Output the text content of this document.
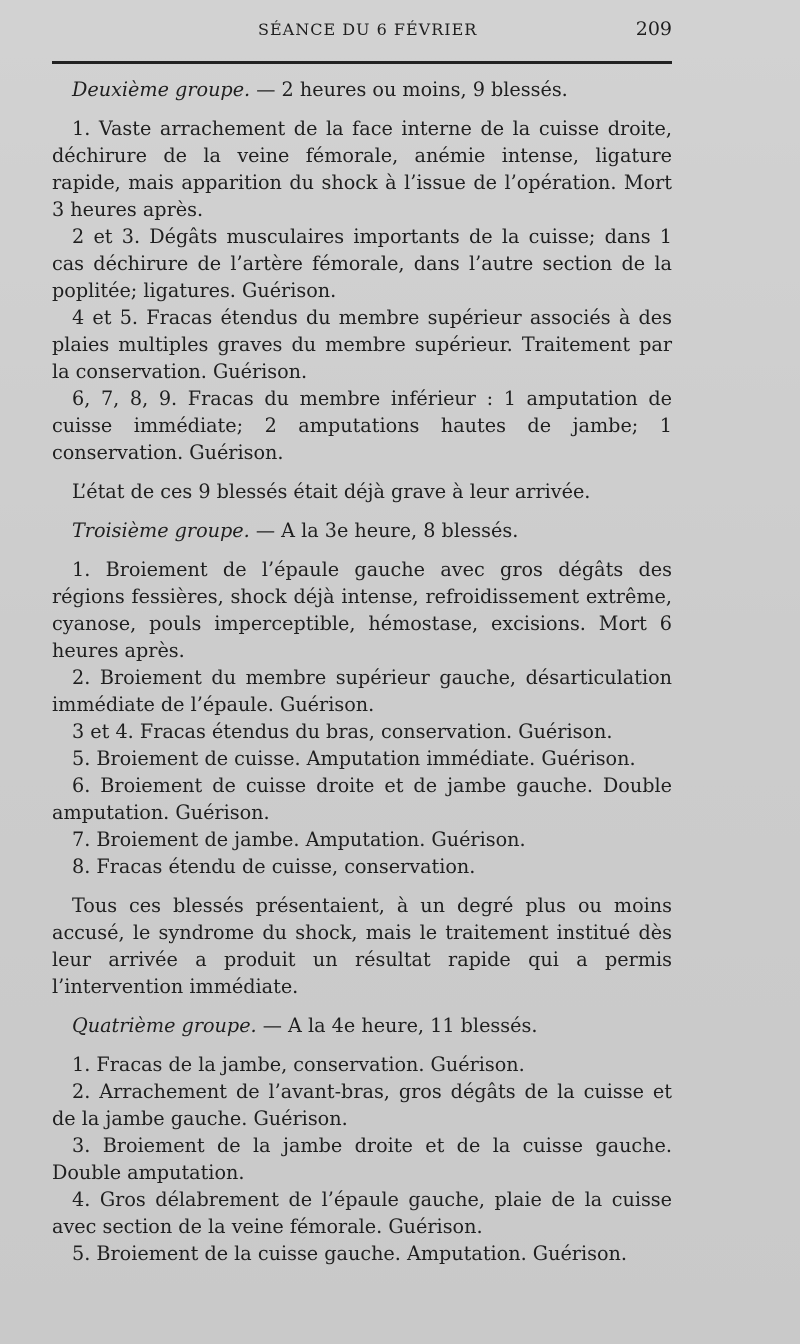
SÉANCE DU 6 FÉVRIER	209

Deuxième groupe. — 2 heures ou moins, 9 blessés.

1. Vaste arrachement de la face interne de la cuisse droite, déchirure de la veine fémorale, anémie intense, ligature rapide, mais apparition du shock à l’issue de l’opération. Mort 3 heures après.

2 et 3. Dégâts musculaires importants de la cuisse; dans 1 cas déchirure de l’artère fémorale, dans l’autre section de la poplitée; ligatures. Guérison.

4 et 5. Fracas étendus du membre supérieur associés à des plaies multiples graves du membre supérieur. Traitement par la conservation. Guérison.

6, 7, 8, 9. Fracas du membre inférieur : 1 amputation de cuisse immédiate; 2 amputations hautes de jambe; 1 conservation. Guérison.

L’état de ces 9 blessés était déjà grave à leur arrivée.

Troisième groupe. — A la 3e heure, 8 blessés.

1. Broiement de l’épaule gauche avec gros dégâts des régions fessières, shock déjà intense, refroidissement extrême, cyanose, pouls imperceptible, hémostase, excisions. Mort 6 heures après.

2. Broiement du membre supérieur gauche, désarticulation immédiate de l’épaule. Guérison.

3 et 4. Fracas étendus du bras, conservation. Guérison.

5. Broiement de cuisse. Amputation immédiate. Guérison.

6. Broiement de cuisse droite et de jambe gauche. Double amputation. Guérison.

7. Broiement de jambe. Amputation. Guérison.

8. Fracas étendu de cuisse, conservation.

Tous ces blessés présentaient, à un degré plus ou moins accusé, le syndrome du shock, mais le traitement institué dès leur arrivée a produit un résultat rapide qui a permis l’intervention immédiate.

Quatrième groupe. — A la 4e heure, 11 blessés.

1. Fracas de la jambe, conservation. Guérison.

2. Arrachement de l’avant-bras, gros dégâts de la cuisse et de la jambe gauche. Guérison.

3. Broiement de la jambe droite et de la cuisse gauche. Double amputation.

4. Gros délabrement de l’épaule gauche, plaie de la cuisse avec section de la veine fémorale. Guérison.

5. Broiement de la cuisse gauche. Amputation. Guérison.
